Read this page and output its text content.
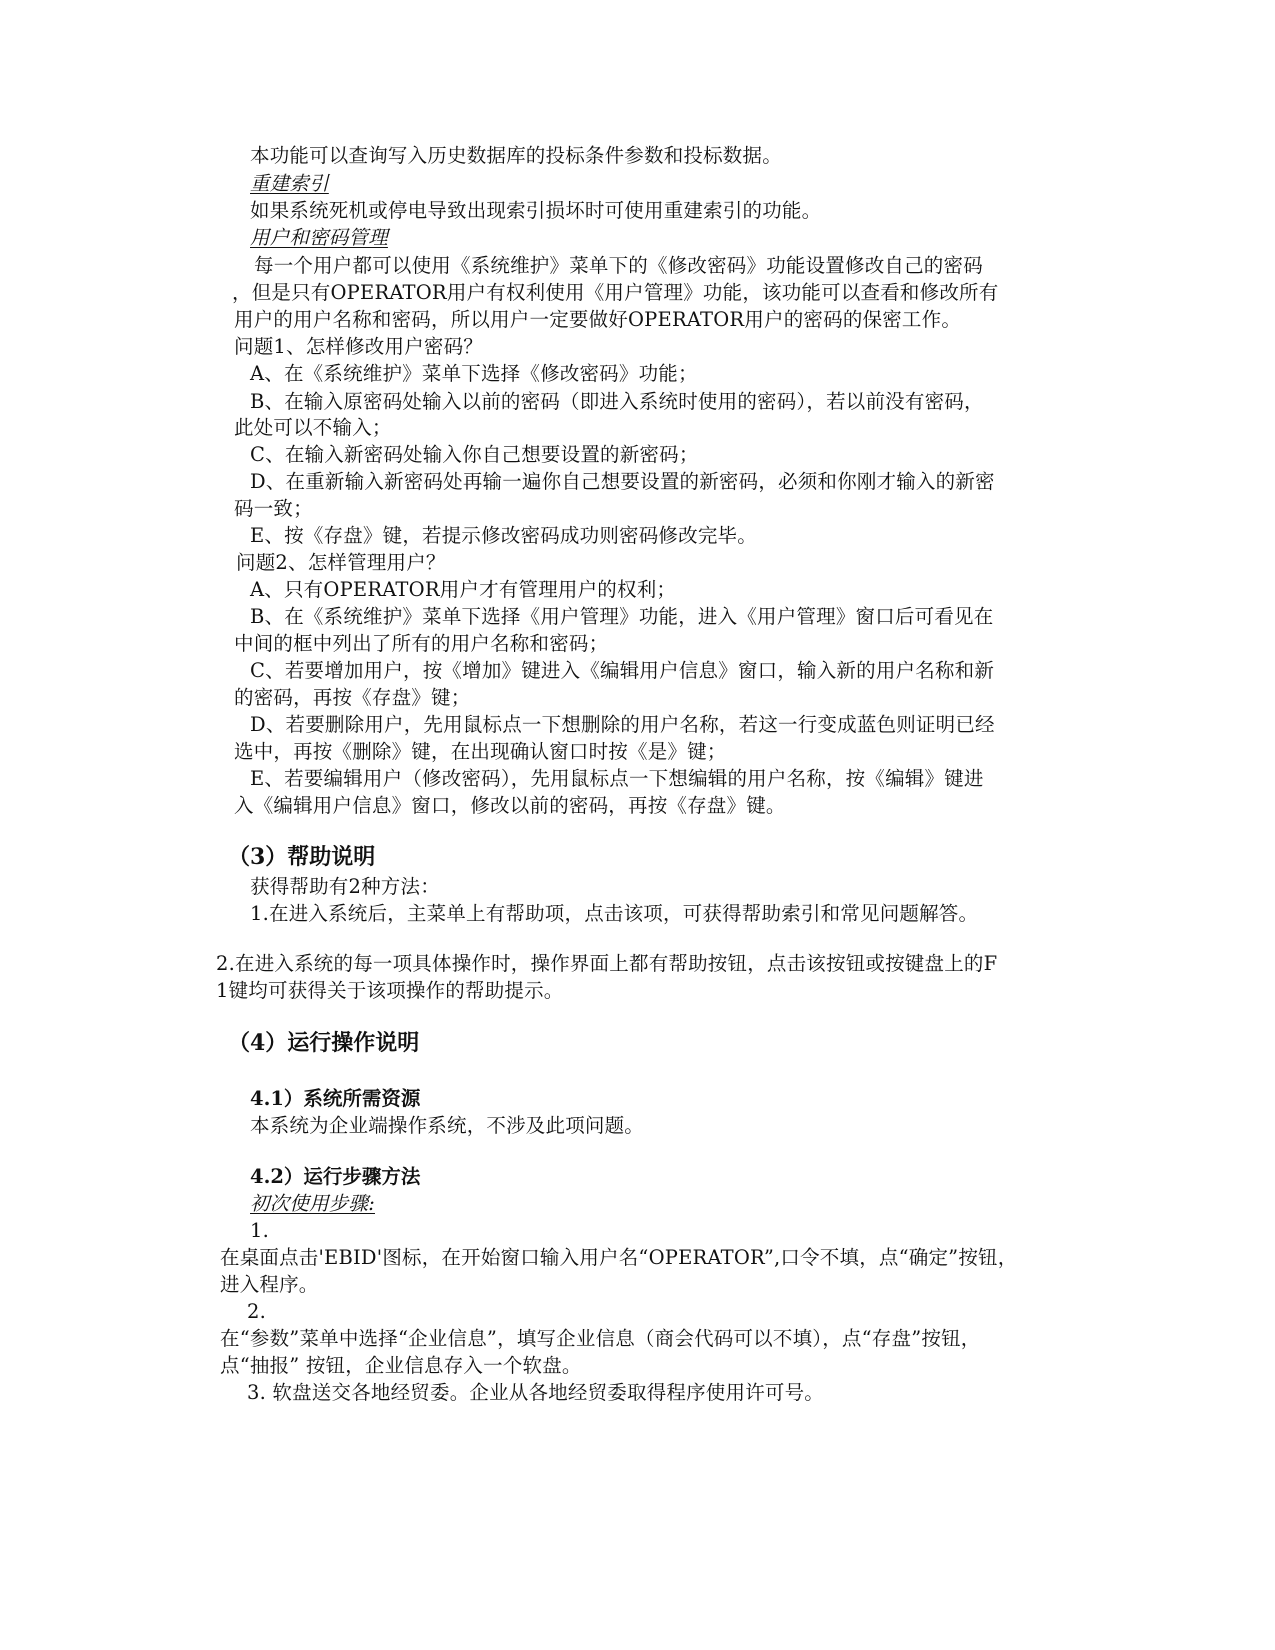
本功能可以查询写入历史数据库的投标条件参数和投标数据。
重建索引
如果系统死机或停电导致出现索引损坏时可使用重建索引的功能。
用户和密码管理
每一个用户都可以使用《系统维护》菜单下的《修改密码》功能设置修改自己的密码
，但是只有OPERATOR用户有权利使用《用户管理》功能，该功能可以查看和修改所有
用户的用户名称和密码，所以用户一定要做好OPERATOR用户的密码的保密工作。
问题1、怎样修改用户密码？
A、在《系统维护》菜单下选择《修改密码》功能；
B、在输入原密码处输入以前的密码（即进入系统时使用的密码），若以前没有密码，
此处可以不输入；
C、在输入新密码处输入你自己想要设置的新密码；
D、在重新输入新密码处再输一遍你自己想要设置的新密码，必须和你刚才输入的新密
码一致；
E、按《存盘》键，若提示修改密码成功则密码修改完毕。
问题2、怎样管理用户？
A、只有OPERATOR用户才有管理用户的权利；
B、在《系统维护》菜单下选择《用户管理》功能，进入《用户管理》窗口后可看见在
中间的框中列出了所有的用户名称和密码；
C、若要增加用户，按《增加》键进入《编辑用户信息》窗口，输入新的用户名称和新
的密码，再按《存盘》键；
D、若要删除用户，先用鼠标点一下想删除的用户名称，若这一行变成蓝色则证明已经
选中，再按《删除》键，在出现确认窗口时按《是》键；
E、若要编辑用户（修改密码），先用鼠标点一下想编辑的用户名称，按《编辑》键进
入《编辑用户信息》窗口，修改以前的密码，再按《存盘》键。
（3）帮助说明
获得帮助有2种方法：
1.在进入系统后，主菜单上有帮助项，点击该项，可获得帮助索引和常见问题解答。
2.在进入系统的每一项具体操作时，操作界面上都有帮助按钮，点击该按钮或按键盘上的F
1键均可获得关于该项操作的帮助提示。
（4）运行操作说明
4.1）系统所需资源
本系统为企业端操作系统，不涉及此项问题。
4.2）运行步骤方法
初次使用步骤:
1.
在桌面点击'EBID'图标，在开始窗口输入用户名“OPERATOR”,口令不填，点“确定”按钮，
进入程序。
2.
在“参数”菜单中选择“企业信息”，填写企业信息（商会代码可以不填），点“存盘”按钮，
点“抽报” 按钮，企业信息存入一个软盘。
3. 软盘送交各地经贸委。企业从各地经贸委取得程序使用许可号。
